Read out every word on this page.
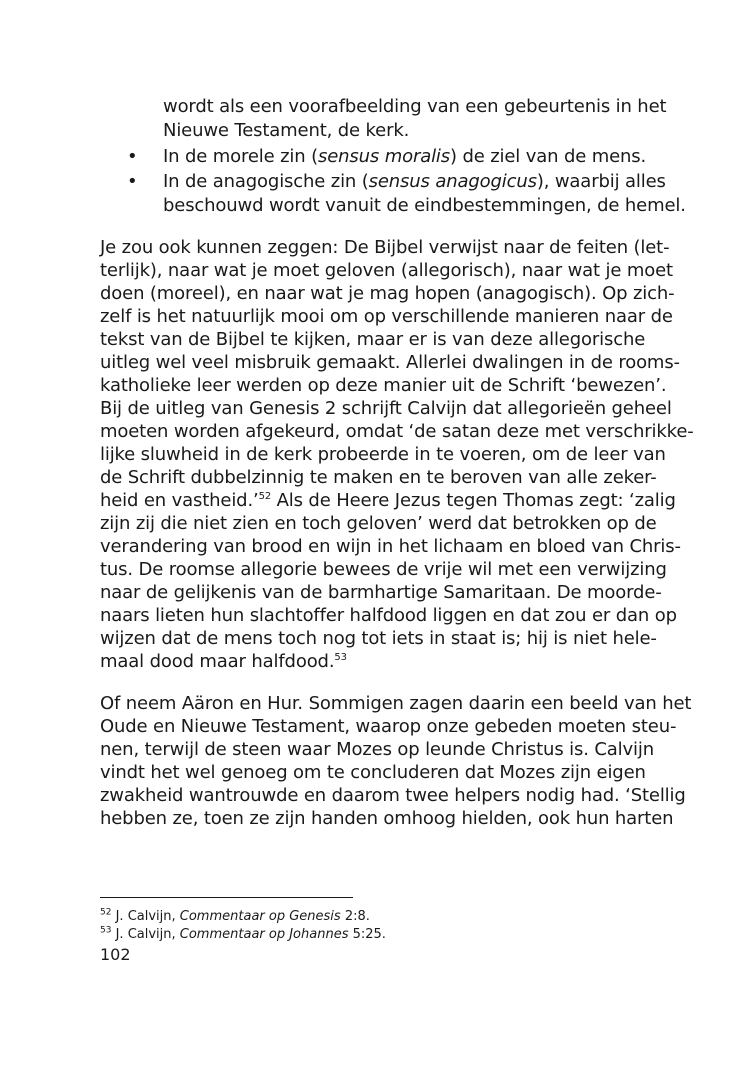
wordt als een voorafbeelding van een gebeurtenis in het
Nieuwe Testament, de kerk.
• In de morele zin (sensus moralis) de ziel van de mens.
• In de anagogische zin (sensus anagogicus), waarbij alles
beschouwd wordt vanuit de eindbestemmingen, de hemel.
Je zou ook kunnen zeggen: De Bijbel verwijst naar de feiten (let-
terlijk), naar wat je moet geloven (allegorisch), naar wat je moet
doen (moreel), en naar wat je mag hopen (anagogisch). Op zich-
zelf is het natuurlijk mooi om op verschillende manieren naar de
tekst van de Bijbel te kijken, maar er is van deze allegorische
uitleg wel veel misbruik gemaakt. Allerlei dwalingen in de rooms-
katholieke leer werden op deze manier uit de Schrift ‘bewezen’.
Bij de uitleg van Genesis 2 schrijft Calvijn dat allegorieën geheel
moeten worden afgekeurd, omdat ‘de satan deze met verschrikke-
lijke sluwheid in de kerk probeerde in te voeren, om de leer van
de Schrift dubbelzinnig te maken en te beroven van alle zeker-
heid en vastheid.’$^{52}$ Als de Heere Jezus tegen Thomas zegt: ‘zalig
zijn zij die niet zien en toch geloven’ werd dat betrokken op de
verandering van brood en wijn in het lichaam en bloed van Chris-
tus. De roomse allegorie bewees de vrije wil met een verwijzing
naar de gelijkenis van de barmhartige Samaritaan. De moorde-
naars lieten hun slachtoffer halfdood liggen en dat zou er dan op
wijzen dat de mens toch nog tot iets in staat is; hij is niet hele-
maal dood maar halfdood.$^{53}$
Of neem Aäron en Hur. Sommigen zagen daarin een beeld van het
Oude en Nieuwe Testament, waarop onze gebeden moeten steu-
nen, terwijl de steen waar Mozes op leunde Christus is. Calvijn
vindt het wel genoeg om te concluderen dat Mozes zijn eigen
zwakheid wantrouwde en daarom twee helpers nodig had. ‘Stellig
hebben ze, toen ze zijn handen omhoog hielden, ook hun harten
$^{52}$ J. Calvijn, Commentaar op Genesis 2:8.
$^{53}$ J. Calvijn, Commentaar op Johannes 5:25.
102
